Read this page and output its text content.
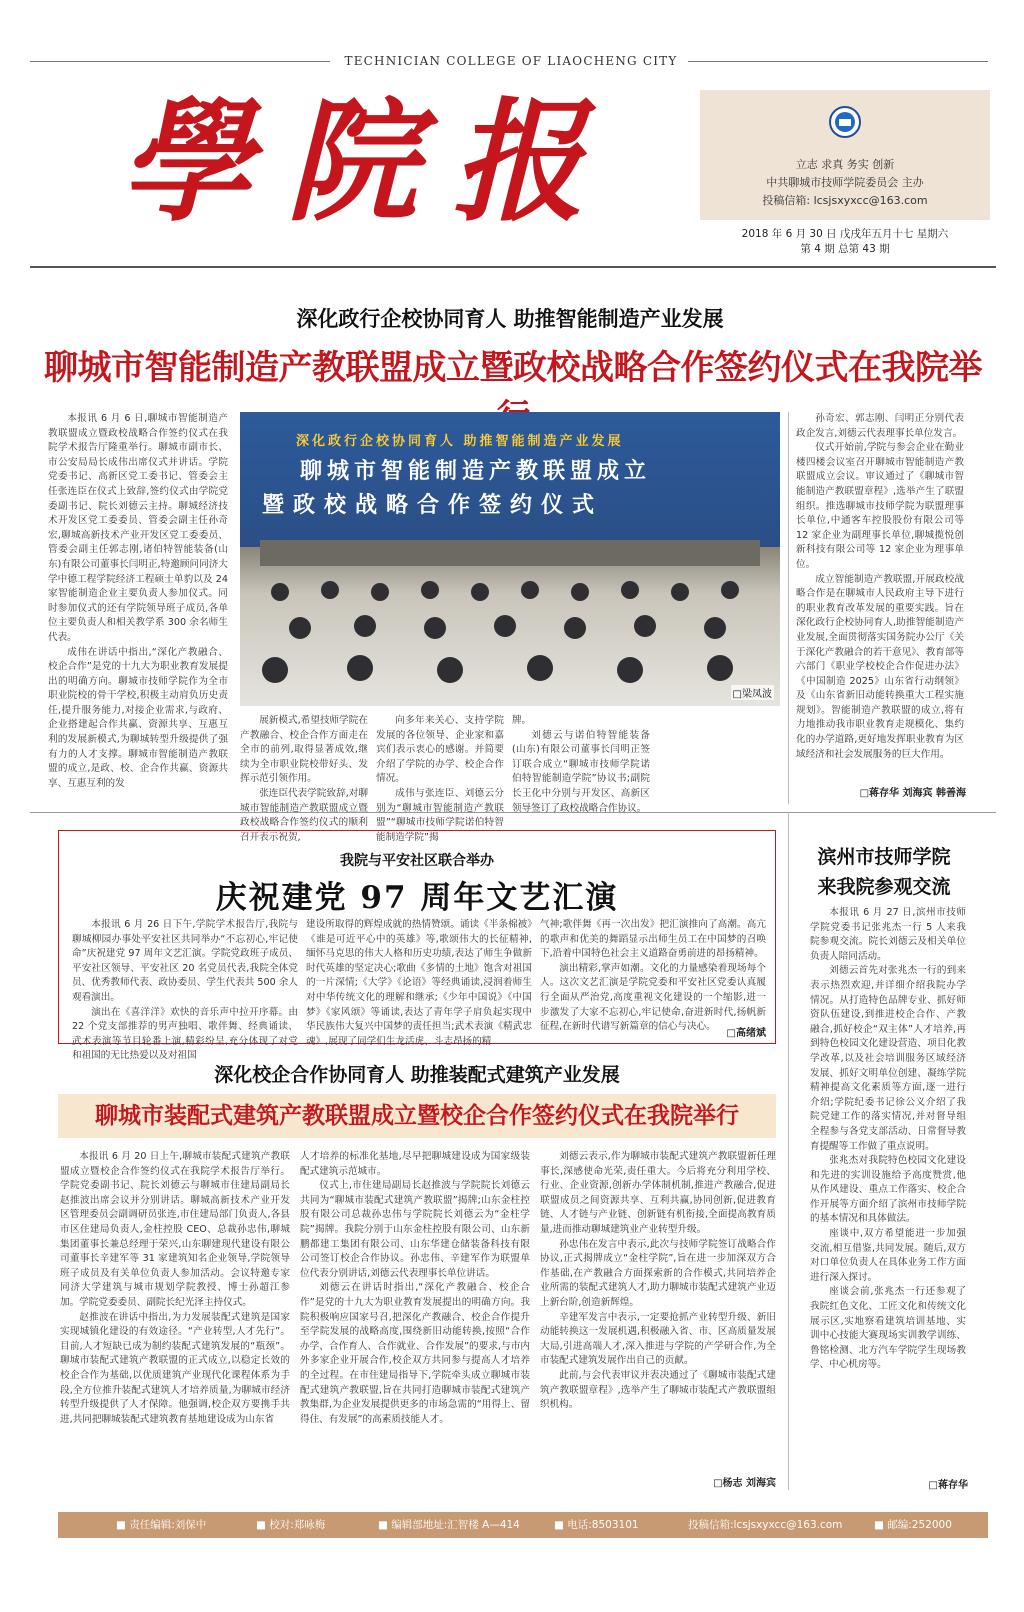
TECHNICIAN COLLEGE OF LIAOCHENG CITY
學院报	立志 求真 务实 创新
中共聊城市技师学院委员会 主办
投稿信箱: lcsjsxyxcc@163.com
2018 年 6 月 30 日 戊戌年五月十七 星期六
第 4 期 总第 43 期
深化政行企校协同育人 助推智能制造产业发展
聊城市智能制造产教联盟成立暨政校战略合作签约仪式在我院举

本报讯 6 月 6 日,聊城市智能制造产教联盟成立暨政校战略合作签约仪式在我院学术报告厅隆重举行。聊城市副市长、市公安局局长成伟出席仪式并讲话。学院党委书记、高新区党工委书记、管委会主任张连臣在仪式上致辞,签约仪式由学院党委副书记、院长刘德云主持。聊城经济技术开发区党工委委员、管委会副主任孙奇宏,聊城高新技术产业开发区党工委委员、管委会副主任郭志刚,诸伯特智能装备(山东)有限公司董事长闫明正,特邀顾问同济大学中德工程学院经济工程硕士单豹以及 24 家智能制造企业主要负责人参加仪式。同时参加仪式的还有学院领导班子成员,各单位主要负责人和相关教学系 300 余名师生代表。

成伟在讲话中指出,“深化产教融合、校企合作”是党的十九大为职业教育发展提出的明确方向。聊城市技师学院作为全市职业院校的骨干学校,积极主动肩负历史责任,提升服务能力,对接企业需求,与政府、企业搭建起合作共赢、资源共享、互惠互利的发展新模式,为聊城转型升级提供了强有力的人才支撑。聊城市智能制造产教联盟的成立,是政、校、企合作共赢、资源共享、互惠互利的发

深化政行企校协同育人 助推智能制造产业发展
聊城市智能制造产教联盟成立
暨政校战略合作签约仪式
□梁凤波

展新模式,希望技师学院在产教融合、校企合作方面走在全市的前列,取得显著成效,继续为全市职业院校带好头、发挥示范引领作用。

张连臣代表学院致辞,对聊城市智能制造产教联盟成立暨政校战略合作签约仪式的顺利召开表示祝贺,

向多年来关心、支持学院发展的各位领导、企业家和嘉宾们表示衷心的感谢。并简要介绍了学院的办学、校企合作情况。

成伟与张连臣、刘德云分别为“聊城市智能制造产教联盟”“聊城市技师学院诺伯特智能制造学院”揭

牌。

刘德云与诺伯特智能装备(山东)有限公司董事长闫明正签订联合成立“聊城市技师学院诺伯特智能制造学院”协议书;副院长王化中分别与开发区、高新区领导签订了政校战略合作协议。

孙奇宏、郭志刚、闫明正分别代表政企发言,刘德云代表理事长单位发言。

仪式开始前,学院与参会企业在勤业楼四楼会议室召开聊城市智能制造产教联盟成立会议。审议通过了《聊城市智能制造产教联盟章程》,选举产生了联盟组织。推选聊城市技师学院为联盟理事长单位,中通客车控股股份有限公司等 12 家企业为副理事长单位,聊城揽悦创新科技有限公司等 12 家企业为理事单位。

成立智能制造产教联盟,开展政校战略合作是在聊城市人民政府主导下进行的职业教育改革发展的重要实践。旨在深化政行企校协同育人,助推智能制造产业发展,全面贯彻落实国务院办公厅《关于深化产教融合的若干意见》、教育部等六部门《职业学校校企合作促进办法》《中国制造 2025》山东省行动纲领》及《山东省新旧动能转换重大工程实施规划》。智能制造产教联盟的成立,将有力地推动我市职业教育走规模化、集约化的办学道路,更好地发挥职业教育为区域经济和社会发展服务的巨大作用。

□蒋存华 刘海宾 韩善海
我院与平安社区联合举办
庆祝建党 97 周年文艺汇演

本报讯 6 月 26 日下午,学院学术报告厅,我院与聊城柳园办事处平安社区共同举办“不忘初心,牢记使命”庆祝建党 97 周年文艺汇演。学院党政班子成员、平安社区领导、平安社区 20 名党员代表,我院全体党员、优秀教师代表、政协委员、学生代表共 500 余人观看演出。

演出在《喜洋洋》欢快的音乐声中拉开序幕。由 22 个党支部推荐的男声独唱、歌伴舞、经典诵读、武术表演等节目轮番上演,精彩纷呈,充分体现了对党和祖国的无比热爱以及对祖国

建设所取得的辉煌成就的热情赞颂。诵读《半条棉被》《谁是可近平心中的英雄》等,歌颂伟大的长征精神,缅怀马克思的伟大人格和历史功绩,表达了师生争做新时代英雄的坚定决心;歌曲《多情的土地》饱含对祖国的一片深情;《大学》《论语》等经典诵读,浸润着师生对中华传统文化的理解和继承;《少年中国说》《中国梦》《家风颂》等诵读,表达了青年学子肩负起实现中华民族伟大复兴中国梦的责任担当;武术表演《精武忠魂》,展现了同学们生龙活虎、斗志昂扬的精

气神;歌伴舞《再一次出发》把汇演推向了高潮。高亢的歌声和优美的舞蹈显示出师生员工在中国梦的召唤下,沿着中国特色社会主义道路奋勇前进的昂扬精神。

演出精彩,掌声如潮。文化的力量感染着现场每个人。这次文艺汇演是学院党委和平安社区党委认真履行全面从严治党,高度重视文化建设的一个缩影,进一步激发了大家不忘初心,牢记使命,奋进新时代,扬帆新征程,在新时代谱写新篇章的信心与决心。

□高绪斌
滨州市技师学院
来我院参观交流

本报讯 6 月 27 日,滨州市技师学院党委书记张兆杰一行 5 人来我院参观交流。院长刘德云及相关单位负责人陪同活动。

刘德云首先对张兆杰一行的到来表示热烈欢迎,并详细介绍我院办学情况。从打造特色品牌专业、抓好师资队伍建设,到推进校企合作、产教融合,抓好校企“双主体”人才培养,再到特色校园文化建设营造、项目化教学改革,以及社会培训服务区域经济发展、抓好文明单位创建、凝练学院精神提高文化素质等方面,逐一进行介绍;学院纪委书记徐公义介绍了我院党建工作的落实情况,并对督导组全程参与各党支部活动、日常督导教育提醒等工作做了重点说明。

张兆杰对我院特色校园文化建设和先进的实训设施给予高度赞赏,他从作风建设、重点工作落实、校企合作开展等方面介绍了滨州市技师学院的基本情况和具体做法。

座谈中,双方希望能进一步加强交流,相互借鉴,共同发展。随后,双方对口单位负责人在具体业务工作方面进行深入探讨。

座谈会前,张兆杰一行还参观了我院红色文化、工匠文化和传统文化展示区,实地察看建筑培训基地、实训中心技能大赛现场实训教学训练、鲁铭检测、北方汽车学院学生现场教学、中心机房等。

□蒋存华
深化校企合作协同育人 助推装配式建筑产业发展
聊城市装配式建筑产教联盟成立暨校企合作签约仪式在我院举行

本报讯 6 月 20 日上午,聊城市装配式建筑产教联盟成立暨校企合作签约仪式在我院学术报告厅举行。学院党委副书记、院长刘德云与聊城市住建局副局长赵推波出席会议并分别讲话。聊城高新技术产业开发区管理委员会副调研员张连,市住建局部门负责人,各县市区住建局负责人,金柱控股 CEO、总裁孙忠伟,聊城集团董事长兼总经理于荣兴,山东聊建现代建设有限公司董事长辛建军等 31 家建筑知名企业领导,学院领导班子成员及有关单位负责人参加活动。会议特邀专家同济大学建筑与城市规划学院教授、博士孙超江参加。学院党委委员、副院长纪光泽主持仪式。

赵推波在讲话中指出,为力发展装配式建筑是国家实现城镇化建设的有效途径。“产业转型,人才先行”。目前,人才短缺已成为制约装配式建筑发展的“瓶颈”。聊城市装配式建筑产教联盟的正式成立,以稳定长效的校企合作为基础,以优质建筑产业现代化课程体系为手段,全方位推升装配式建筑人才培养质量,为聊城市经济转型升级提供了人才保障。他强调,校企双方要携手共进,共同把聊城装配式建筑教育基地建设成为山东省

人才培养的标准化基地,尽早把聊城建设成为国家级装配式建筑示范城市。

仪式上,市住建局副局长赵推波与学院院长刘德云共同为“聊城市装配式建筑产教联盟”揭牌;山东金柱控股有限公司总裁孙忠伟与学院院长刘德云为“金柱学院”揭牌。我院分别于山东金柱控股有限公司、山东新鹏都建工集团有限公司、山东华建仓储装备科技有限公司签订校企合作协议。孙忠伟、辛建军作为联盟单位代表分别讲话,刘德云代表理事长单位讲话。

刘德云在讲话时指出,“深化产教融合、校企合作”是党的十九大为职业教育发展提出的明确方向。我院积极响应国家号召,把深化产教融合、校企合作提升至学院发展的战略高度,围绕新旧动能转换,按照“合作办学、合作育人、合作就业、合作发展”的要求,与市内外多家企业开展合作,校企双方共同参与提高人才培养的全过程。在市住建局指导下,学院牵头成立聊城市装配式建筑产教联盟,旨在共同打造聊城市装配式建筑产教集群,为企业发展提供更多的市场急需的“用得上、留得住、有发展”的高素质技能人才。

刘德云表示,作为聊城市装配式建筑产教联盟新任理事长,深感使命光荣,责任重大。今后将充分利用学校、行业、企业资源,创新办学体制机制,推进产教融合,促进联盟成员之间资源共享、互利共赢,协同创新,促进教育链、人才链与产业链、创新链有机衔接,全面提高教育质量,进而推动聊城建筑业产业转型升级。

孙忠伟在发言中表示,此次与技师学院签订战略合作协议,正式揭牌成立“金柱学院”,旨在进一步加深双方合作基础,在产教融合方面探索新的合作模式,共同培养企业所需的装配式建筑人才,助力聊城市装配式建筑产业迈上新台阶,创造新辉煌。

辛建军发言中表示,一定要抢抓产业转型升级、新旧动能转换这一发展机遇,积极融入省、市、区高质量发展大局,引进高端人才,深入推进与学院的产学研合作,为全市装配式建筑发展作出自己的贡献。

此前,与会代表审议并表决通过了《聊城市装配式建筑产教联盟章程》,选举产生了聊城市装配式产教联盟组织机构。

□杨志 刘海宾
■ 责任编辑:刘保中	■ 校对:郑咏梅	■ 编辑部地址:汇智楼 A—414	■ 电话:8503101	投稿信箱:lcsjsxyxcc@163.com	■ 邮编:252000
